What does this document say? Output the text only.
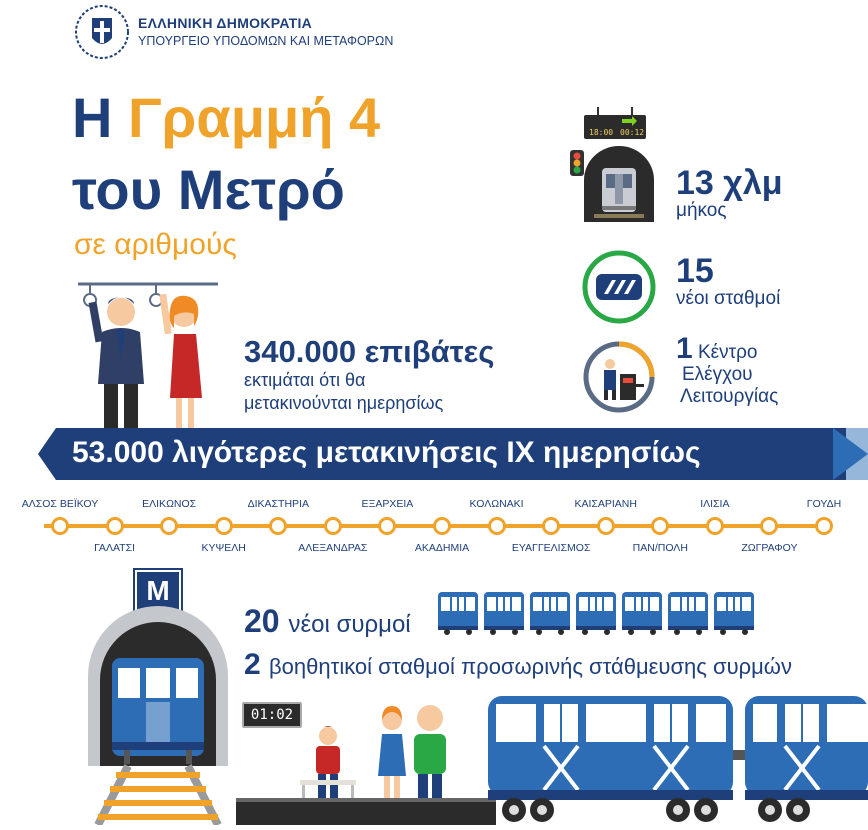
ΕΛΛΗΝΙΚΗ ΔΗΜΟΚΡΑΤΙΑ
ΥΠΟΥΡΓΕΙΟ ΥΠΟΔΟΜΩΝ ΚΑΙ ΜΕΤΑΦΟΡΩΝ
Η Γραμμή 4
του Μετρό
σε αριθμούς
18:00 00:12
13 χλμ
μήκος
15
νέοι σταθμοί
1 Κέντρο
Ελέγχου
Λειτουργίας
340.000 επιβάτες
εκτιμάται ότι θα
μετακινούνται ημερησίως
53.000 λιγότερες μετακινήσεις ΙΧ ημερησίως
ΑΛΣΟΣ ΒΕΪΚΟΥ
ΓΑΛΑΤΣΙ
ΕΛΙΚΩΝΟΣ
ΚΥΨΕΛΗ
ΔΙΚΑΣΤΗΡΙΑ
ΑΛΕΞΑΝΔΡΑΣ
ΕΞΑΡΧΕΙΑ
ΑΚΑΔΗΜΙΑ
ΚΟΛΩΝΑΚΙ
ΕΥΑΓΓΕΛΙΣΜΟΣ
ΚΑΙΣΑΡΙΑΝΗ
ΠΑΝ/ΠΟΛΗ
ΙΛΙΣΙΑ
ΖΩΓΡΑΦΟΥ
ΓΟΥΔΗ
M
20 νέοι συρμοί
2 βοηθητικοί σταθμοί προσωρινής στάθμευσης συρμών
01:02
